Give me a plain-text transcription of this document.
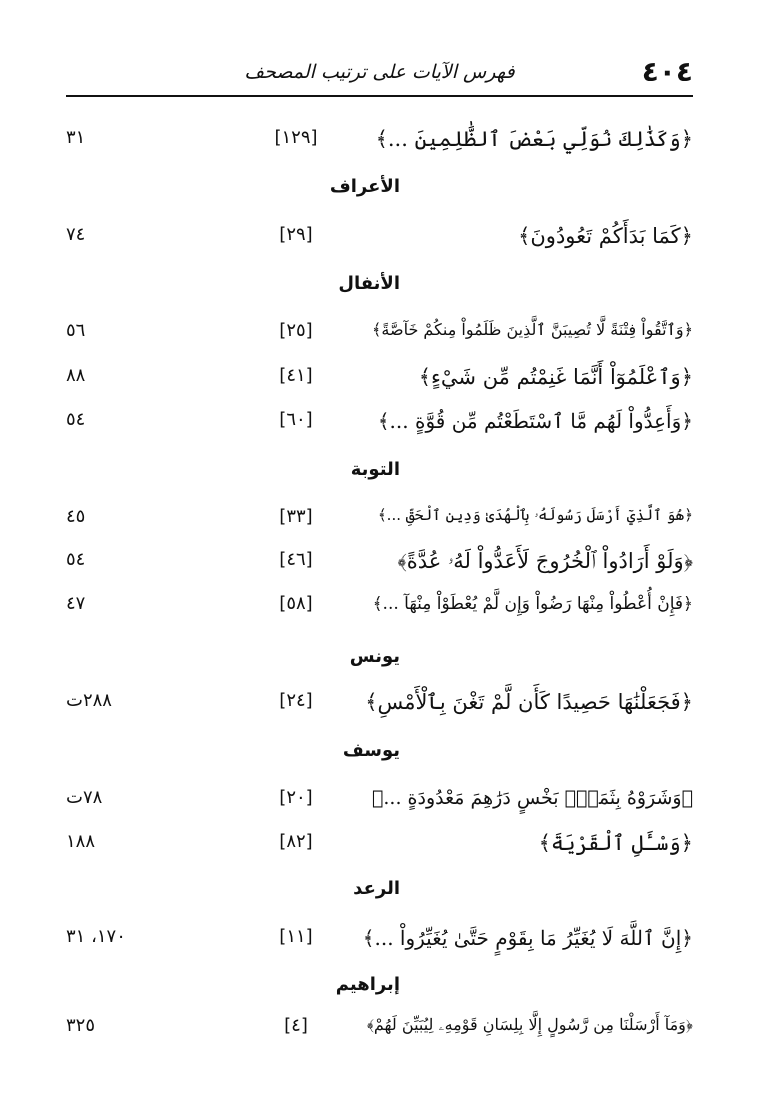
٤٠٤
فهرس الآيات على ترتيب المصحف
﴿وَكَذَٰلِكَ نُوَلِّي بَعْضَ ٱلظَّٰلِمِينَ ...﴾
[١٢٩]
٣١
الأعراف
﴿كَمَا بَدَأَكُمْ تَعُودُونَ﴾
[٢٩]
٧٤
الأنفال
﴿وَٱتَّقُواْ فِتْنَةً لَّا تُصِيبَنَّ ٱلَّذِينَ ظَلَمُواْ مِنكُمْ خَآصَّةً﴾
[٢٥]
٥٦
﴿وَٱعْلَمُوٓاْ أَنَّمَا غَنِمْتُم مِّن شَيْءٍ﴾
[٤١]
٨٨
﴿وَأَعِدُّواْ لَهُم مَّا ٱسْتَطَعْتُم مِّن قُوَّةٍ ...﴾
[٦٠]
٥٤
التوبة
﴿هُوَ ٱلَّذِيٓ أَرْسَلَ رَسُولَهُۥ بِٱلْهُدَىٰ وَدِينِ ٱلْحَقِّ ...﴾
[٣٣]
٤٥
﴿وَلَوْ أَرَادُواْ ٱلْخُرُوجَ لَأَعَدُّواْ لَهُۥ عُدَّةً﴾
[٤٦]
٥٤
﴿فَإِنْ أُعْطُواْ مِنْهَا رَضُواْ وَإِن لَّمْ يُعْطَوْاْ مِنْهَآ ...﴾
[٥٨]
٤٧
يونس
﴿فَجَعَلْنَٰهَا حَصِيدًا كَأَن لَّمْ تَغْنَ بِٱلْأَمْسِ﴾
[٢٤]
٢٨٨ت
يوسف
﴿وَشَرَوْهُ بِثَمَنٍۢ بَخْسٍ دَرَٰهِمَ مَعْدُودَةٍ ...﴾
[٢٠]
٧٨ت
﴿وَسْـَٔلِ ٱلْقَرْيَةَ﴾
[٨٢]
١٨٨
الرعد
﴿إِنَّ ٱللَّهَ لَا يُغَيِّرُ مَا بِقَوْمٍ حَتَّىٰ يُغَيِّرُواْ ...﴾
[١١]
١٧٠، ٣١
إبراهيم
﴿وَمَآ أَرْسَلْنَا مِن رَّسُولٍ إِلَّا بِلِسَانِ قَوْمِهِۦ لِيُبَيِّنَ لَهُمْ﴾
[٤]
٣٢٥
